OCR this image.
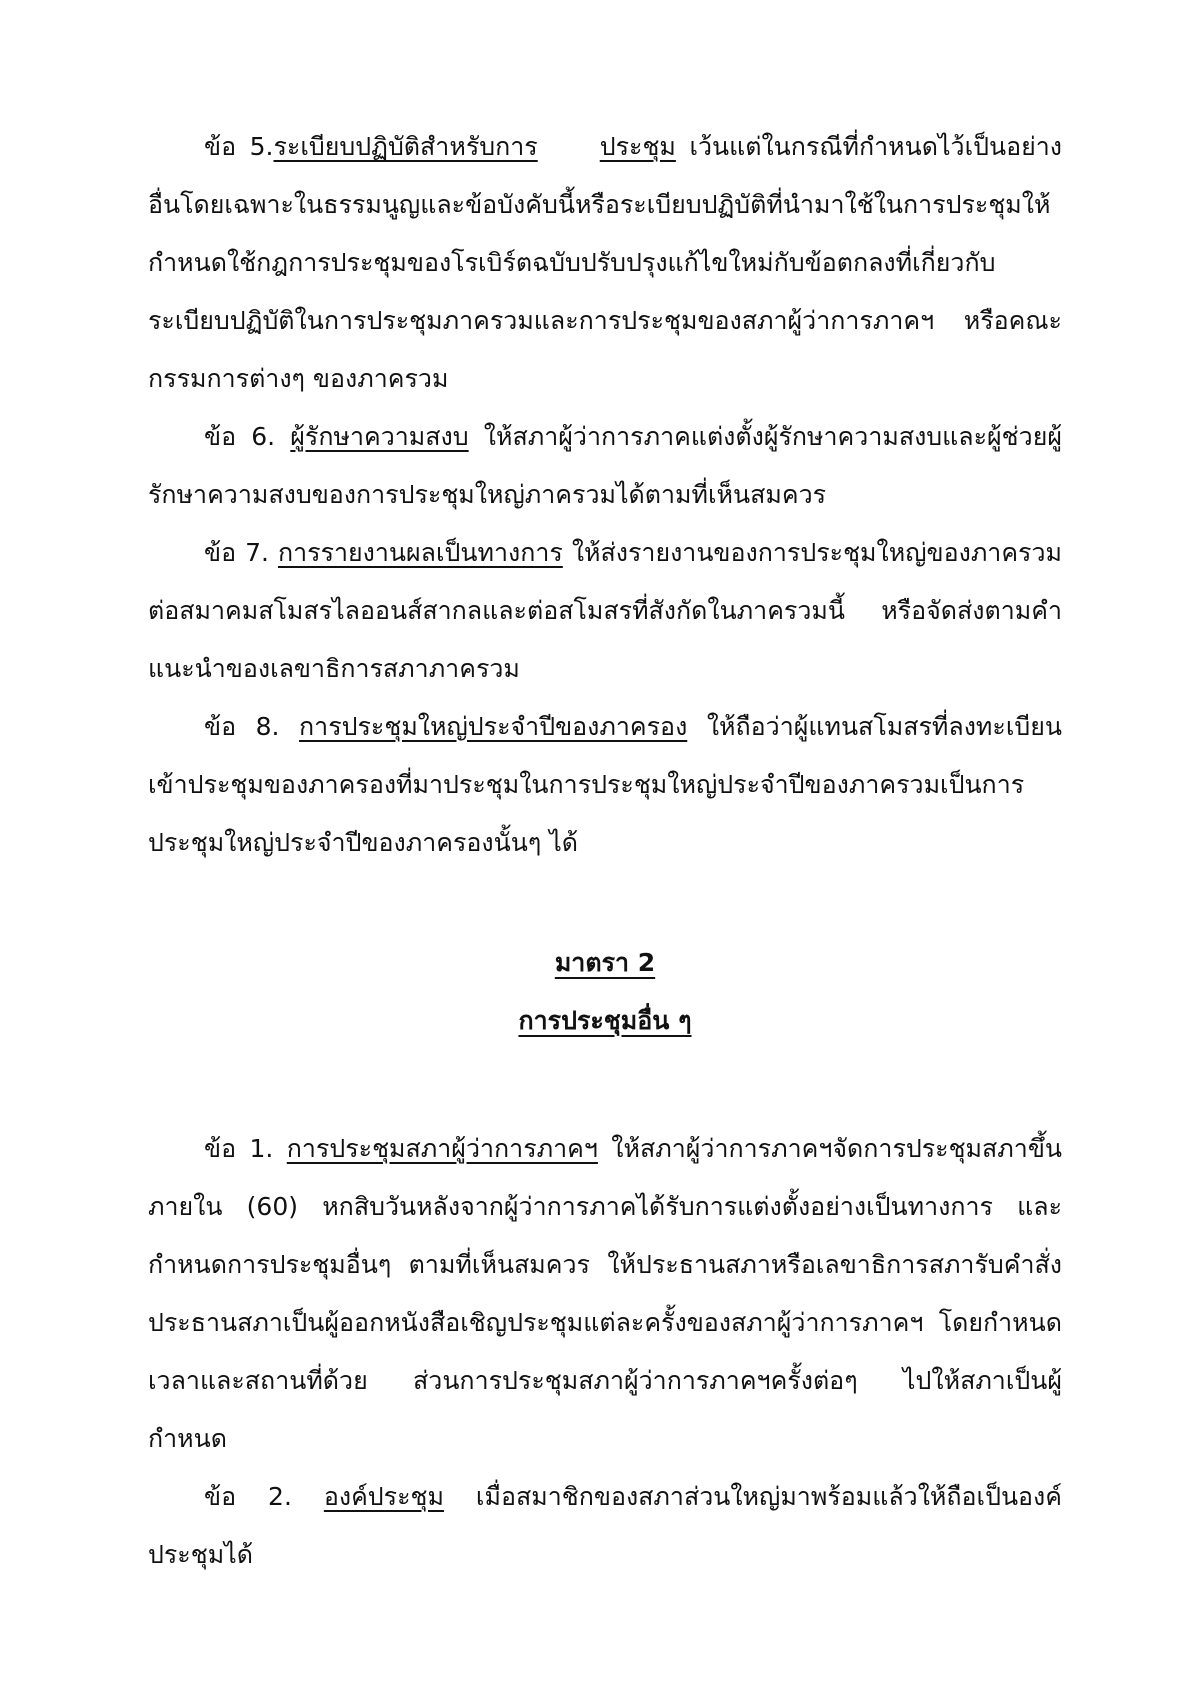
ข้อ 5.ระเบียบปฏิบัติสำหรับการ ประชุม เว้นแต่ในกรณีที่กำหนดไว้เป็นอย่างอื่นโดยเฉพาะในธรรมนูญและข้อบังคับนี้หรือระเบียบปฏิบัติที่นำมาใช้ในการประชุมให้กำหนดใช้กฎการประชุมของโรเบิร์ตฉบับปรับปรุงแก้ไขใหม่กับข้อตกลงที่เกี่ยวกับระเบียบปฏิบัติในการประชุมภาครวมและการประชุมของสภาผู้ว่าการภาคฯ หรือคณะกรรมการต่างๆ ของภาครวม

ข้อ 6. ผู้รักษาความสงบ ให้สภาผู้ว่าการภาคแต่งตั้งผู้รักษาความสงบและผู้ช่วยผู้รักษาความสงบของการประชุมใหญ่ภาครวมได้ตามที่เห็นสมควร

ข้อ 7. การรายงานผลเป็นทางการ ให้ส่งรายงานของการประชุมใหญ่ของภาครวมต่อสมาคมสโมสรไลออนส์สากลและต่อสโมสรที่สังกัดในภาครวมนี้ หรือจัดส่งตามคำแนะนำของเลขาธิการสภาภาครวม

ข้อ 8. การประชุมใหญ่ประจำปีของภาครอง ให้ถือว่าผู้แทนสโมสรที่ลงทะเบียนเข้าประชุมของภาครองที่มาประชุมในการประชุมใหญ่ประจำปีของภาครวมเป็นการประชุมใหญ่ประจำปีของภาครองนั้นๆ ได้

มาตรา 2

การประชุมอื่น ๆ

ข้อ 1. การประชุมสภาผู้ว่าการภาคฯ ให้สภาผู้ว่าการภาคฯจัดการประชุมสภาขึ้นภายใน (60) หกสิบวันหลังจากผู้ว่าการภาคได้รับการแต่งตั้งอย่างเป็นทางการ และกำหนดการประชุมอื่นๆ ตามที่เห็นสมควร ให้ประธานสภาหรือเลขาธิการสภารับคำสั่งประธานสภาเป็นผู้ออกหนังสือเชิญประชุมแต่ละครั้งของสภาผู้ว่าการภาคฯ โดยกำหนดเวลาและสถานที่ด้วย ส่วนการประชุมสภาผู้ว่าการภาคฯครั้งต่อๆ ไปให้สภาเป็นผู้กำหนด

ข้อ 2. องค์ประชุม เมื่อสมาชิกของสภาส่วนใหญ่มาพร้อมแล้วให้ถือเป็นองค์ประชุมได้
